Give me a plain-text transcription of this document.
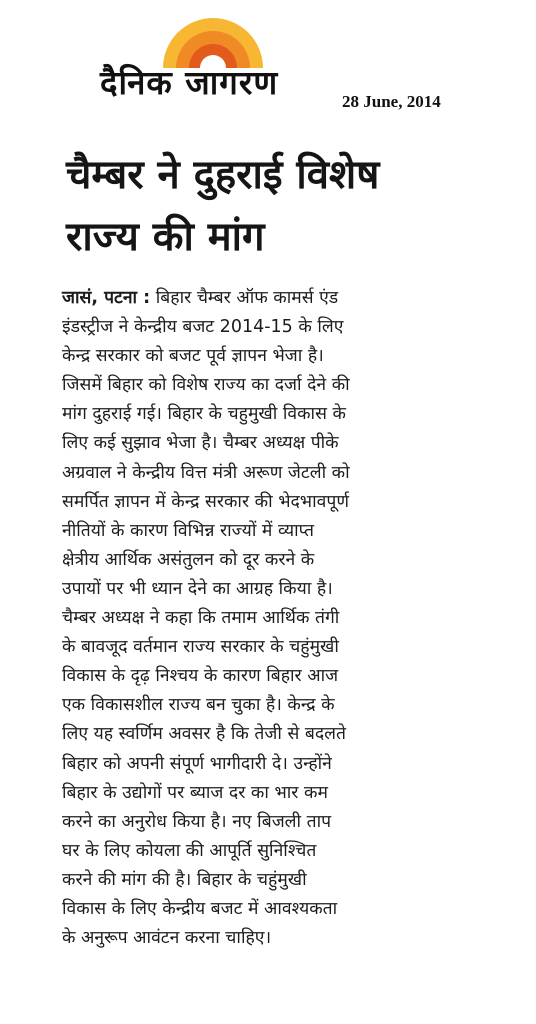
दैनिक जागरण	28 June, 2014
चैम्बर ने दुहराई विशेष
राज्य की मांग
जासं, पटना : बिहार चैम्बर ऑफ कामर्स एंड
इंडस्ट्रीज ने केन्द्रीय बजट 2014-15 के लिए
केन्द्र सरकार को बजट पूर्व ज्ञापन भेजा है।
जिसमें बिहार को विशेष राज्य का दर्जा देने की
मांग दुहराई गई। बिहार के चहुमुखी विकास के
लिए कई सुझाव भेजा है। चैम्बर अध्यक्ष पीके
अग्रवाल ने केन्द्रीय वित्त मंत्री अरूण जेटली को
समर्पित ज्ञापन में केन्द्र सरकार की भेदभावपूर्ण
नीतियों के कारण विभिन्न राज्यों में व्याप्त
क्षेत्रीय आर्थिक असंतुलन को दूर करने के
उपायों पर भी ध्यान देने का आग्रह किया है।
चैम्बर अध्यक्ष ने कहा कि तमाम आर्थिक तंगी
के बावजूद वर्तमान राज्य सरकार के चहुंमुखी
विकास के दृढ़ निश्चय के कारण बिहार आज
एक विकासशील राज्य बन चुका है। केन्द्र के
लिए यह स्वर्णिम अवसर है कि तेजी से बदलते
बिहार को अपनी संपूर्ण भागीदारी दे। उन्होंने
बिहार के उद्योगों पर ब्याज दर का भार कम
करने का अनुरोध किया है। नए बिजली ताप
घर के लिए कोयला की आपूर्ति सुनिश्चित
करने की मांग की है। बिहार के चहुंमुखी
विकास के लिए केन्द्रीय बजट में आवश्यकता
के अनुरूप आवंटन करना चाहिए।
